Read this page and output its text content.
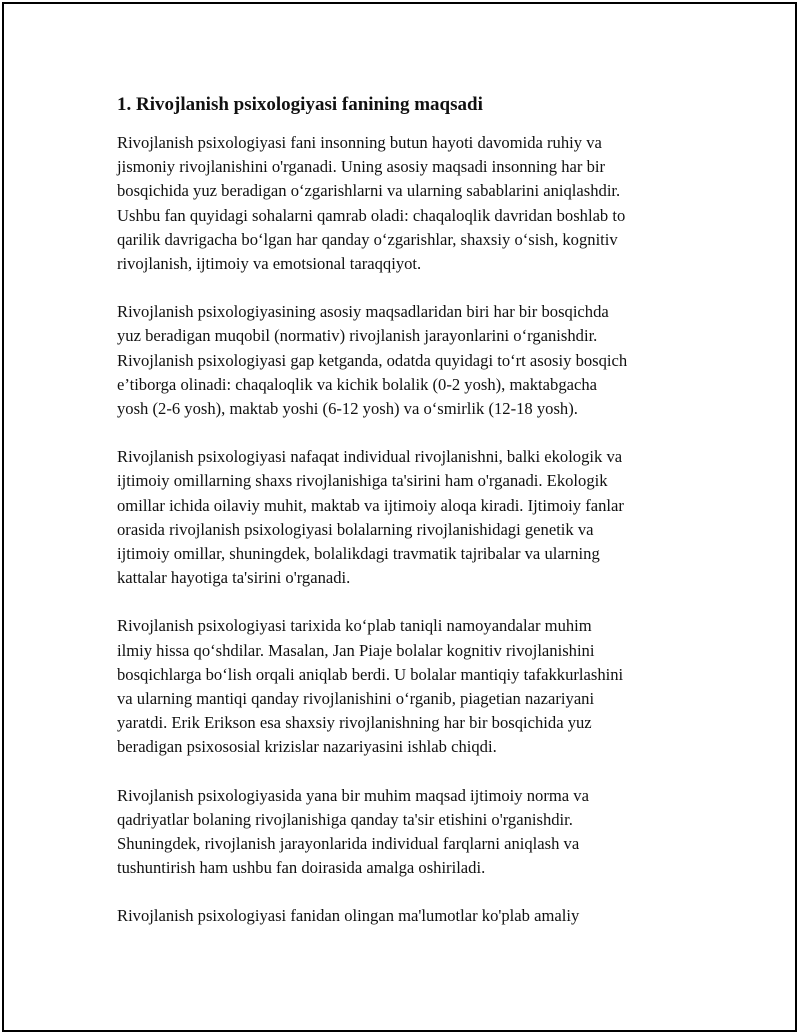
1. Rivojlanish psixologiyasi fanining maqsadi
Rivojlanish psixologiyasi fani insonning butun hayoti davomida ruhiy va
jismoniy rivojlanishini o'rganadi. Uning asosiy maqsadi insonning har bir
bosqichida yuz beradigan o‘zgarishlarni va ularning sabablarini aniqlashdir.
Ushbu fan quyidagi sohalarni qamrab oladi: chaqaloqlik davridan boshlab to
qarilik davrigacha bo‘lgan har qanday o‘zgarishlar, shaxsiy o‘sish, kognitiv
rivojlanish, ijtimoiy va emotsional taraqqiyot.
Rivojlanish psixologiyasining asosiy maqsadlaridan biri har bir bosqichda
yuz beradigan muqobil (normativ) rivojlanish jarayonlarini o‘rganishdir.
Rivojlanish psixologiyasi gap ketganda, odatda quyidagi to‘rt asosiy bosqich
e’tiborga olinadi: chaqaloqlik va kichik bolalik (0-2 yosh), maktabgacha
yosh (2-6 yosh), maktab yoshi (6-12 yosh) va o‘smirlik (12-18 yosh).
Rivojlanish psixologiyasi nafaqat individual rivojlanishni, balki ekologik va
ijtimoiy omillarning shaxs rivojlanishiga ta'sirini ham o'rganadi. Ekologik
omillar ichida oilaviy muhit, maktab va ijtimoiy aloqa kiradi. Ijtimoiy fanlar
orasida rivojlanish psixologiyasi bolalarning rivojlanishidagi genetik va
ijtimoiy omillar, shuningdek, bolalikdagi travmatik tajribalar va ularning
kattalar hayotiga ta'sirini o'rganadi.
Rivojlanish psixologiyasi tarixida ko‘plab taniqli namoyandalar muhim
ilmiy hissa qo‘shdilar. Masalan, Jan Piaje bolalar kognitiv rivojlanishini
bosqichlarga bo‘lish orqali aniqlab berdi. U bolalar mantiqiy tafakkurlashini
va ularning mantiqi qanday rivojlanishini o‘rganib, piagetian nazariyani
yaratdi. Erik Erikson esa shaxsiy rivojlanishning har bir bosqichida yuz
beradigan psixososial krizislar nazariyasini ishlab chiqdi.
Rivojlanish psixologiyasida yana bir muhim maqsad ijtimoiy norma va
qadriyatlar bolaning rivojlanishiga qanday ta'sir etishini o'rganishdir.
Shuningdek, rivojlanish jarayonlarida individual farqlarni aniqlash va
tushuntirish ham ushbu fan doirasida amalga oshiriladi.
Rivojlanish psixologiyasi fanidan olingan ma'lumotlar ko'plab amaliy
